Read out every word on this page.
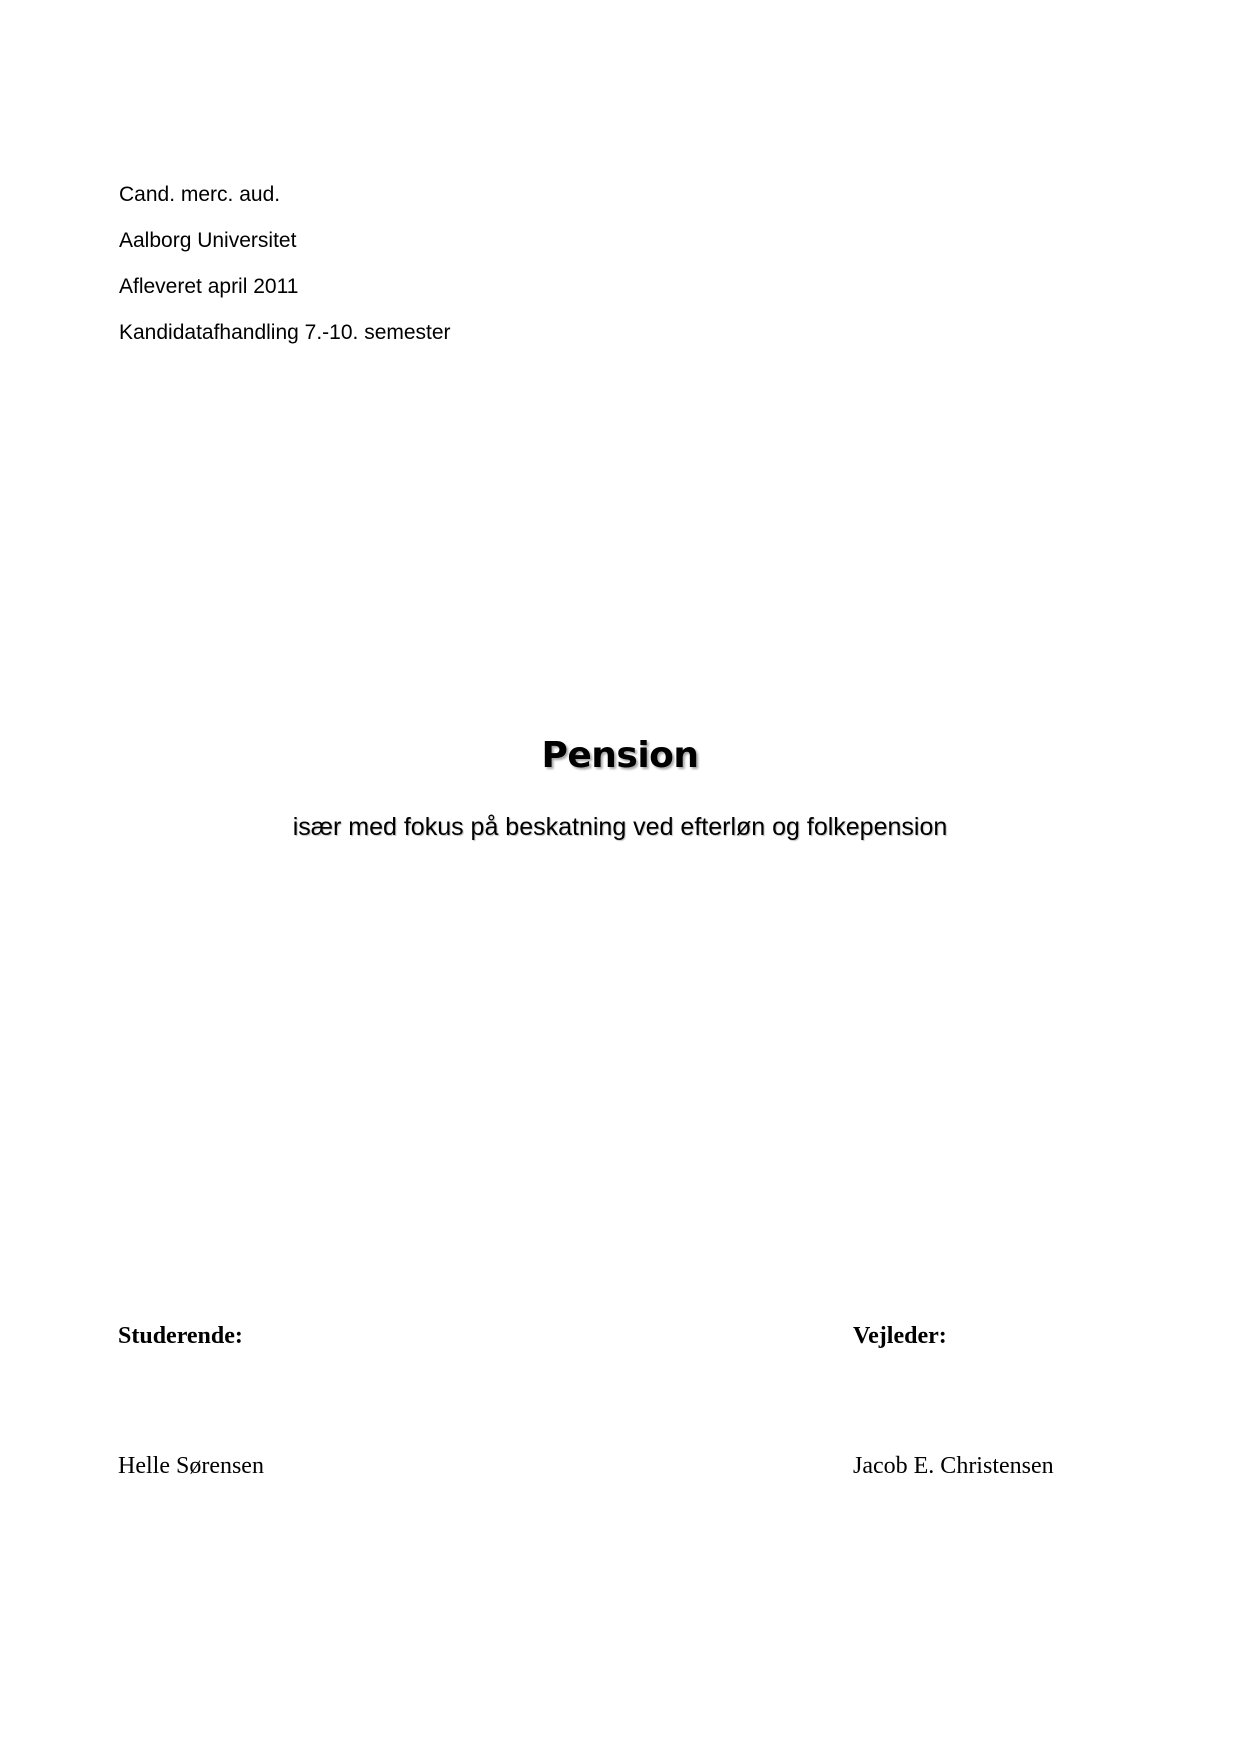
Cand. merc. aud.
Aalborg Universitet
Afleveret april 2011
Kandidatafhandling 7.-10. semester
Pension
især med fokus på beskatning ved efterløn og folkepension
Studerende:	Vejleder:
Helle Sørensen	Jacob E. Christensen
